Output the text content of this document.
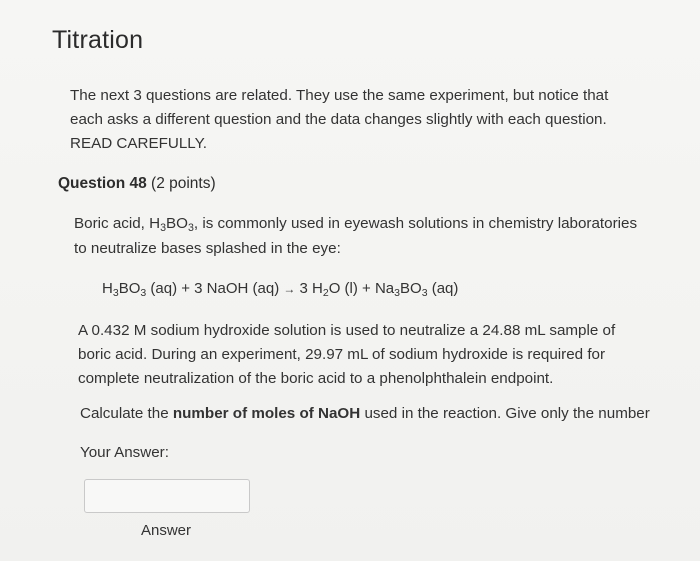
Titration
The next 3 questions are related. They use the same experiment, but notice that
each asks a different question and the data changes slightly with each question.
READ CAREFULLY.
Question 48 (2 points)
Boric acid, $H_3BO_3$, is commonly used in eyewash solutions in chemistry laboratories
to neutralize bases splashed in the eye:
$H_3BO_3$ (aq) + 3 NaOH (aq) → 3 $H_2O$ $(l) + Na_3BO_3$ (aq)
A 0.432 M sodium hydroxide solution is used to neutralize a 24.88 mL sample of
boric acid. During an experiment, 29.97 mL of sodium hydroxide is required for
complete neutralization of the boric acid to a phenolphthalein endpoint.
Calculate the number of moles of NaOH used in the reaction. Give only the number
Your Answer:
Answer
